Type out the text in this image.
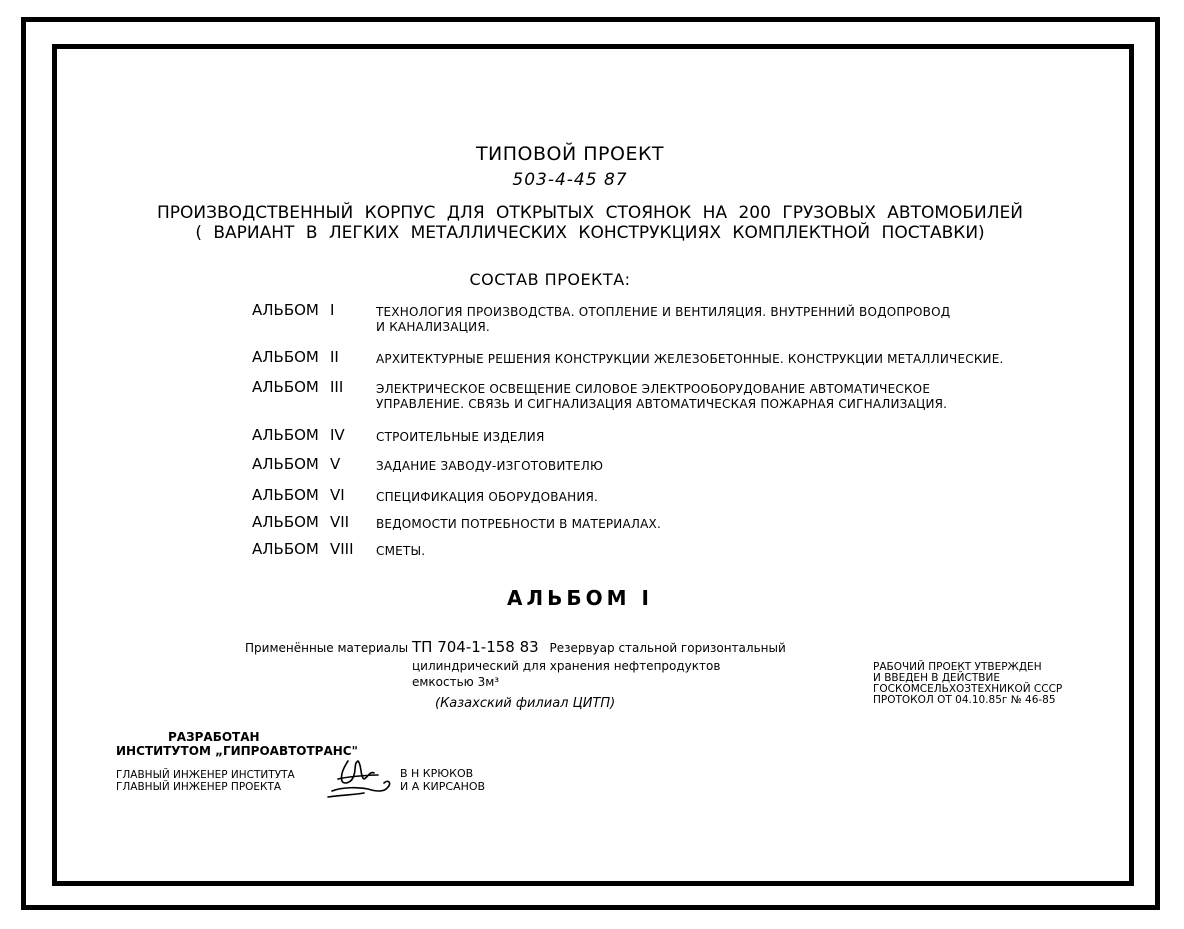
ТИПОВОЙ ПРОЕКТ
503-4-45 87
ПРОИЗВОДСТВЕННЫЙ КОРПУС ДЛЯ ОТКРЫТЫХ СТОЯНОК НА 200 ГРУЗОВЫХ АВТОМОБИЛЕЙ
( ВАРИАНТ В ЛЕГКИХ МЕТАЛЛИЧЕСКИХ КОНСТРУКЦИЯХ КОМПЛЕКТНОЙ ПОСТАВКИ)
СОСТАВ ПРОЕКТА:
АЛЬБОМ I	ТЕХНОЛОГИЯ ПРОИЗВОДСТВА. ОТОПЛЕНИЕ И ВЕНТИЛЯЦИЯ. ВНУТРЕННИЙ ВОДОПРОВОД
И КАНАЛИЗАЦИЯ.
АЛЬБОМ II	АРХИТЕКТУРНЫЕ РЕШЕНИЯ КОНСТРУКЦИИ ЖЕЛЕЗОБЕТОННЫЕ. КОНСТРУКЦИИ МЕТАЛЛИЧЕСКИЕ.
АЛЬБОМ III	ЭЛЕКТРИЧЕСКОЕ ОСВЕЩЕНИЕ СИЛОВОЕ ЭЛЕКТРООБОРУДОВАНИЕ АВТОМАТИЧЕСКОЕ
УПРАВЛЕНИЕ. СВЯЗЬ И СИГНАЛИЗАЦИЯ АВТОМАТИЧЕСКАЯ ПОЖАРНАЯ СИГНАЛИЗАЦИЯ.
АЛЬБОМ IV	СТРОИТЕЛЬНЫЕ ИЗДЕЛИЯ
АЛЬБОМ V	ЗАДАНИЕ ЗАВОДУ-ИЗГОТОВИТЕЛЮ
АЛЬБОМ VI	СПЕЦИФИКАЦИЯ ОБОРУДОВАНИЯ.
АЛЬБОМ VII ВЕДОМОСТИ ПОТРЕБНОСТИ В МАТЕРИАЛАХ.
АЛЬБОМ VIII СМЕТЫ.
АЛЬБОМ I
Применённые материалы ТП 704-1-158 83 Резервуар стальной горизонтальный
цилиндрический для хранения нефтепродуктов
емкостью 3м³
(Казахский филиал ЦИТП)
РАБОЧИЙ ПРОЕКТ УТВЕРЖДЕН
И ВВЕДЕН В ДЕЙСТВИЕ
ГОСКОМСЕЛЬХОЗТЕХНИКОЙ СССР
ПРОТОКОЛ ОТ 04.10.85г № 46-85
РАЗРАБОТАН
ИНСТИТУТОМ „ГИПРОАВТОТРАНС"
ГЛАВНЫЙ ИНЖЕНЕР ИНСТИТУТА
ГЛАВНЫЙ ИНЖЕНЕР ПРОЕКТА
В Н КРЮКОВ
И А КИРСАНОВ
